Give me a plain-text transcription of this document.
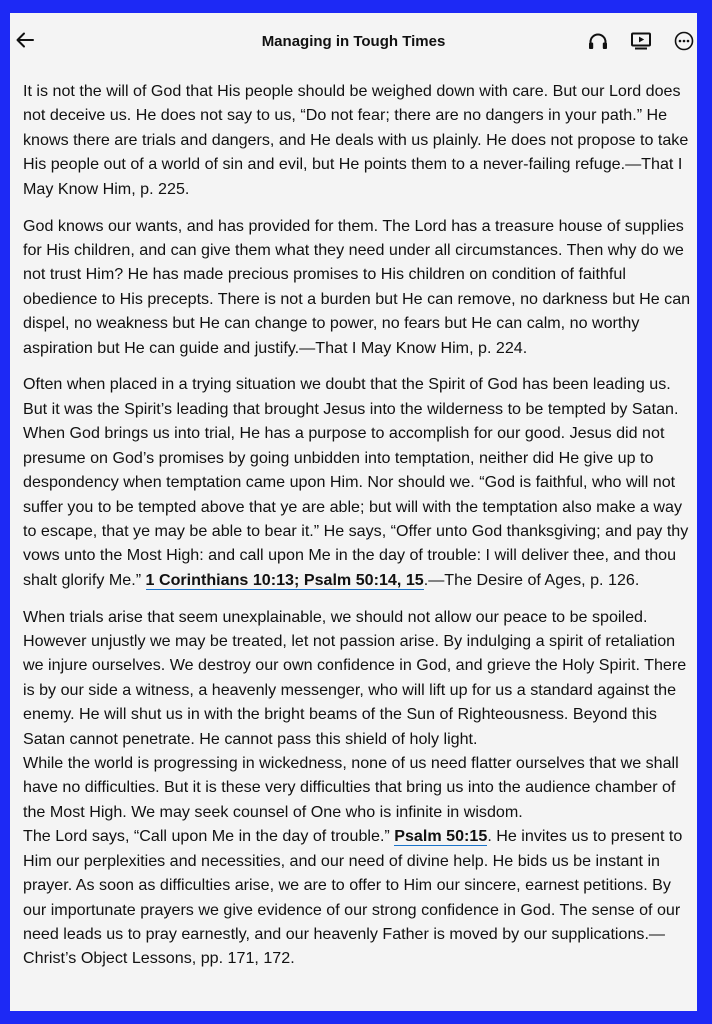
Managing in Tough Times

It is not the will of God that His people should be weighed down with care. But our Lord does not deceive us. He does not say to us, “Do not fear; there are no dangers in your path.” He knows there are trials and dangers, and He deals with us plainly. He does not propose to take His people out of a world of sin and evil, but He points them to a never-failing refuge.—That I May Know Him, p. 225.

God knows our wants, and has provided for them. The Lord has a treasure house of supplies for His children, and can give them what they need under all circumstances. Then why do we not trust Him? He has made precious promises to His children on condition of faithful obedience to His precepts. There is not a burden but He can remove, no darkness but He can dispel, no weakness but He can change to power, no fears but He can calm, no worthy aspiration but He can guide and justify.—That I May Know Him, p. 224.

Often when placed in a trying situation we doubt that the Spirit of God has been leading us. But it was the Spirit’s leading that brought Jesus into the wilderness to be tempted by Satan. When God brings us into trial, He has a purpose to accomplish for our good. Jesus did not presume on God’s promises by going unbidden into temptation, neither did He give up to despondency when temptation came upon Him. Nor should we. “God is faithful, who will not suffer you to be tempted above that ye are able; but will with the temptation also make a way to escape, that ye may be able to bear it.” He says, “Offer unto God thanksgiving; and pay thy vows unto the Most High: and call upon Me in the day of trouble: I will deliver thee, and thou shalt glorify Me.” 1 Corinthians 10:13; Psalm 50:14, 15.—The Desire of Ages, p. 126.

When trials arise that seem unexplainable, we should not allow our peace to be spoiled. However unjustly we may be treated, let not passion arise. By indulging a spirit of retaliation we injure ourselves. We destroy our own confidence in God, and grieve the Holy Spirit. There is by our side a witness, a heavenly messenger, who will lift up for us a standard against the enemy. He will shut us in with the bright beams of the Sun of Righteousness. Beyond this Satan cannot penetrate. He cannot pass this shield of holy light.

While the world is progressing in wickedness, none of us need flatter ourselves that we shall have no difficulties. But it is these very difficulties that bring us into the audience chamber of the Most High. We may seek counsel of One who is infinite in wisdom.

The Lord says, “Call upon Me in the day of trouble.” Psalm 50:15. He invites us to present to Him our perplexities and necessities, and our need of divine help. He bids us be instant in prayer. As soon as difficulties arise, we are to offer to Him our sincere, earnest petitions. By our importunate prayers we give evidence of our strong confidence in God. The sense of our need leads us to pray earnestly, and our heavenly Father is moved by our supplications.—Christ’s Object Lessons, pp. 171, 172.
